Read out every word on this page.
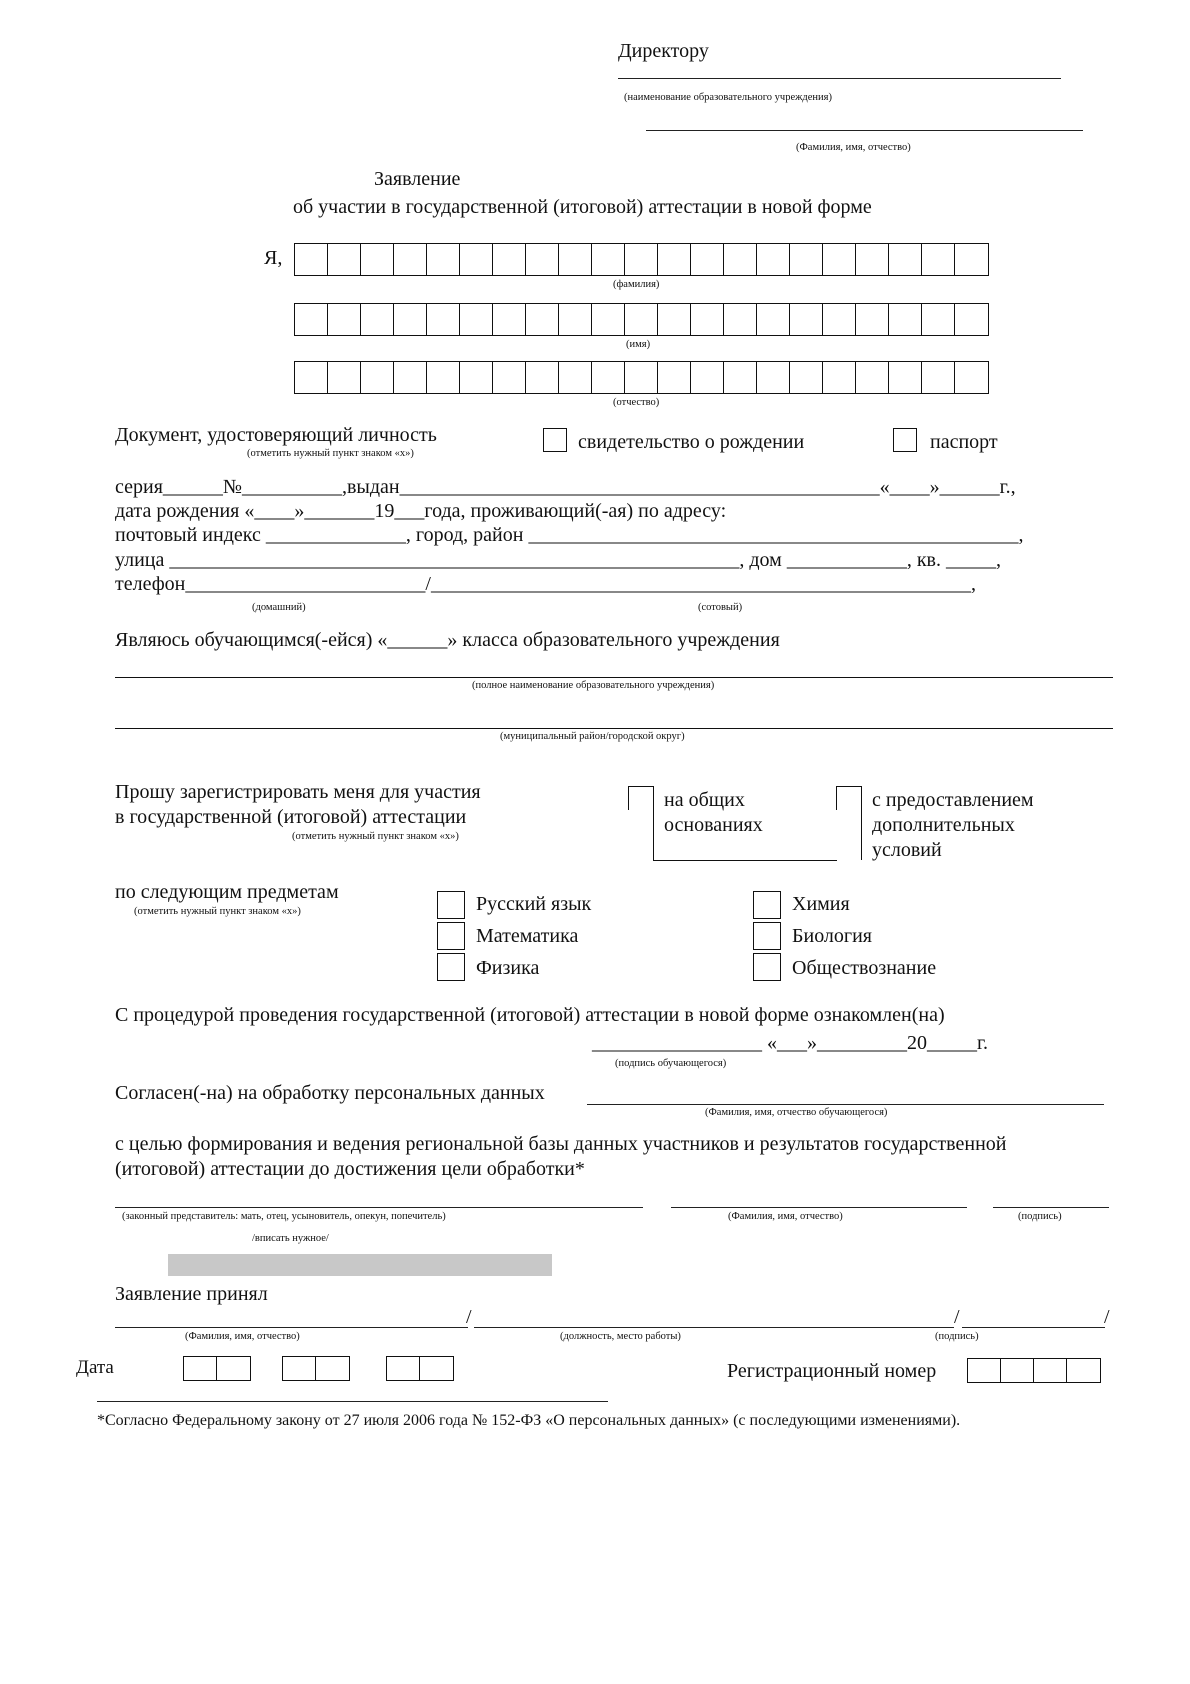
Директору
(наименование образовательного учреждения)
(Фамилия, имя, отчество)
Заявление
об участии в государственной (итоговой) аттестации в новой форме
Я,
(фамилия)
(имя)
(отчество)
Документ, удостоверяющий личность
(отметить нужный пункт знаком «х»)
свидетельство о рождении	паспорт
серия______№__________,выдан________________________________________________«____»______г.,
дата рождения «____»_______19___года, проживающий(-ая) по адресу:
почтовый индекс ______________, город, район _________________________________________________,
улица _________________________________________________________, дом ____________, кв. _____,
телефон________________________/______________________________________________________,
(домашний)	(сотовый)
Являюсь обучающимся(-ейся) «______» класса образовательного учреждения
(полное наименование образовательного учреждения)
(муниципальный район/городской округ)
Прошу зарегистрировать меня для участия
в государственной (итоговой) аттестации
(отметить нужный пункт знаком «х»)
на общих
основаниях
с предоставлением
дополнительных
условий
по следующим предметам
(отметить нужный пункт знаком «х»)	Русский язык
Математика
Физика
Химия
Биология
Обществознание
С процедурой проведения государственной (итоговой) аттестации в новой форме ознакомлен(на)
_________________ «___»_________20_____г.
(подпись обучающегося)
Согласен(-на) на обработку персональных данных
(Фамилия, имя, отчество обучающегося)
с целью формирования и ведения региональной базы данных участников и результатов государственной
(итоговой) аттестации до достижения цели обработки*
(законный представитель: мать, отец, усыновитель, опекун, попечитель)	(Фамилия, имя, отчество)	(подпись)
/вписать нужное/
Заявление принял
/	/	/
(Фамилия, имя, отчество)	(должность, место работы)	(подпись)
Дата	Регистрационный номер
*Согласно Федеральному закону от 27 июля 2006 года № 152-ФЗ «О персональных данных» (с последующими изменениями).
